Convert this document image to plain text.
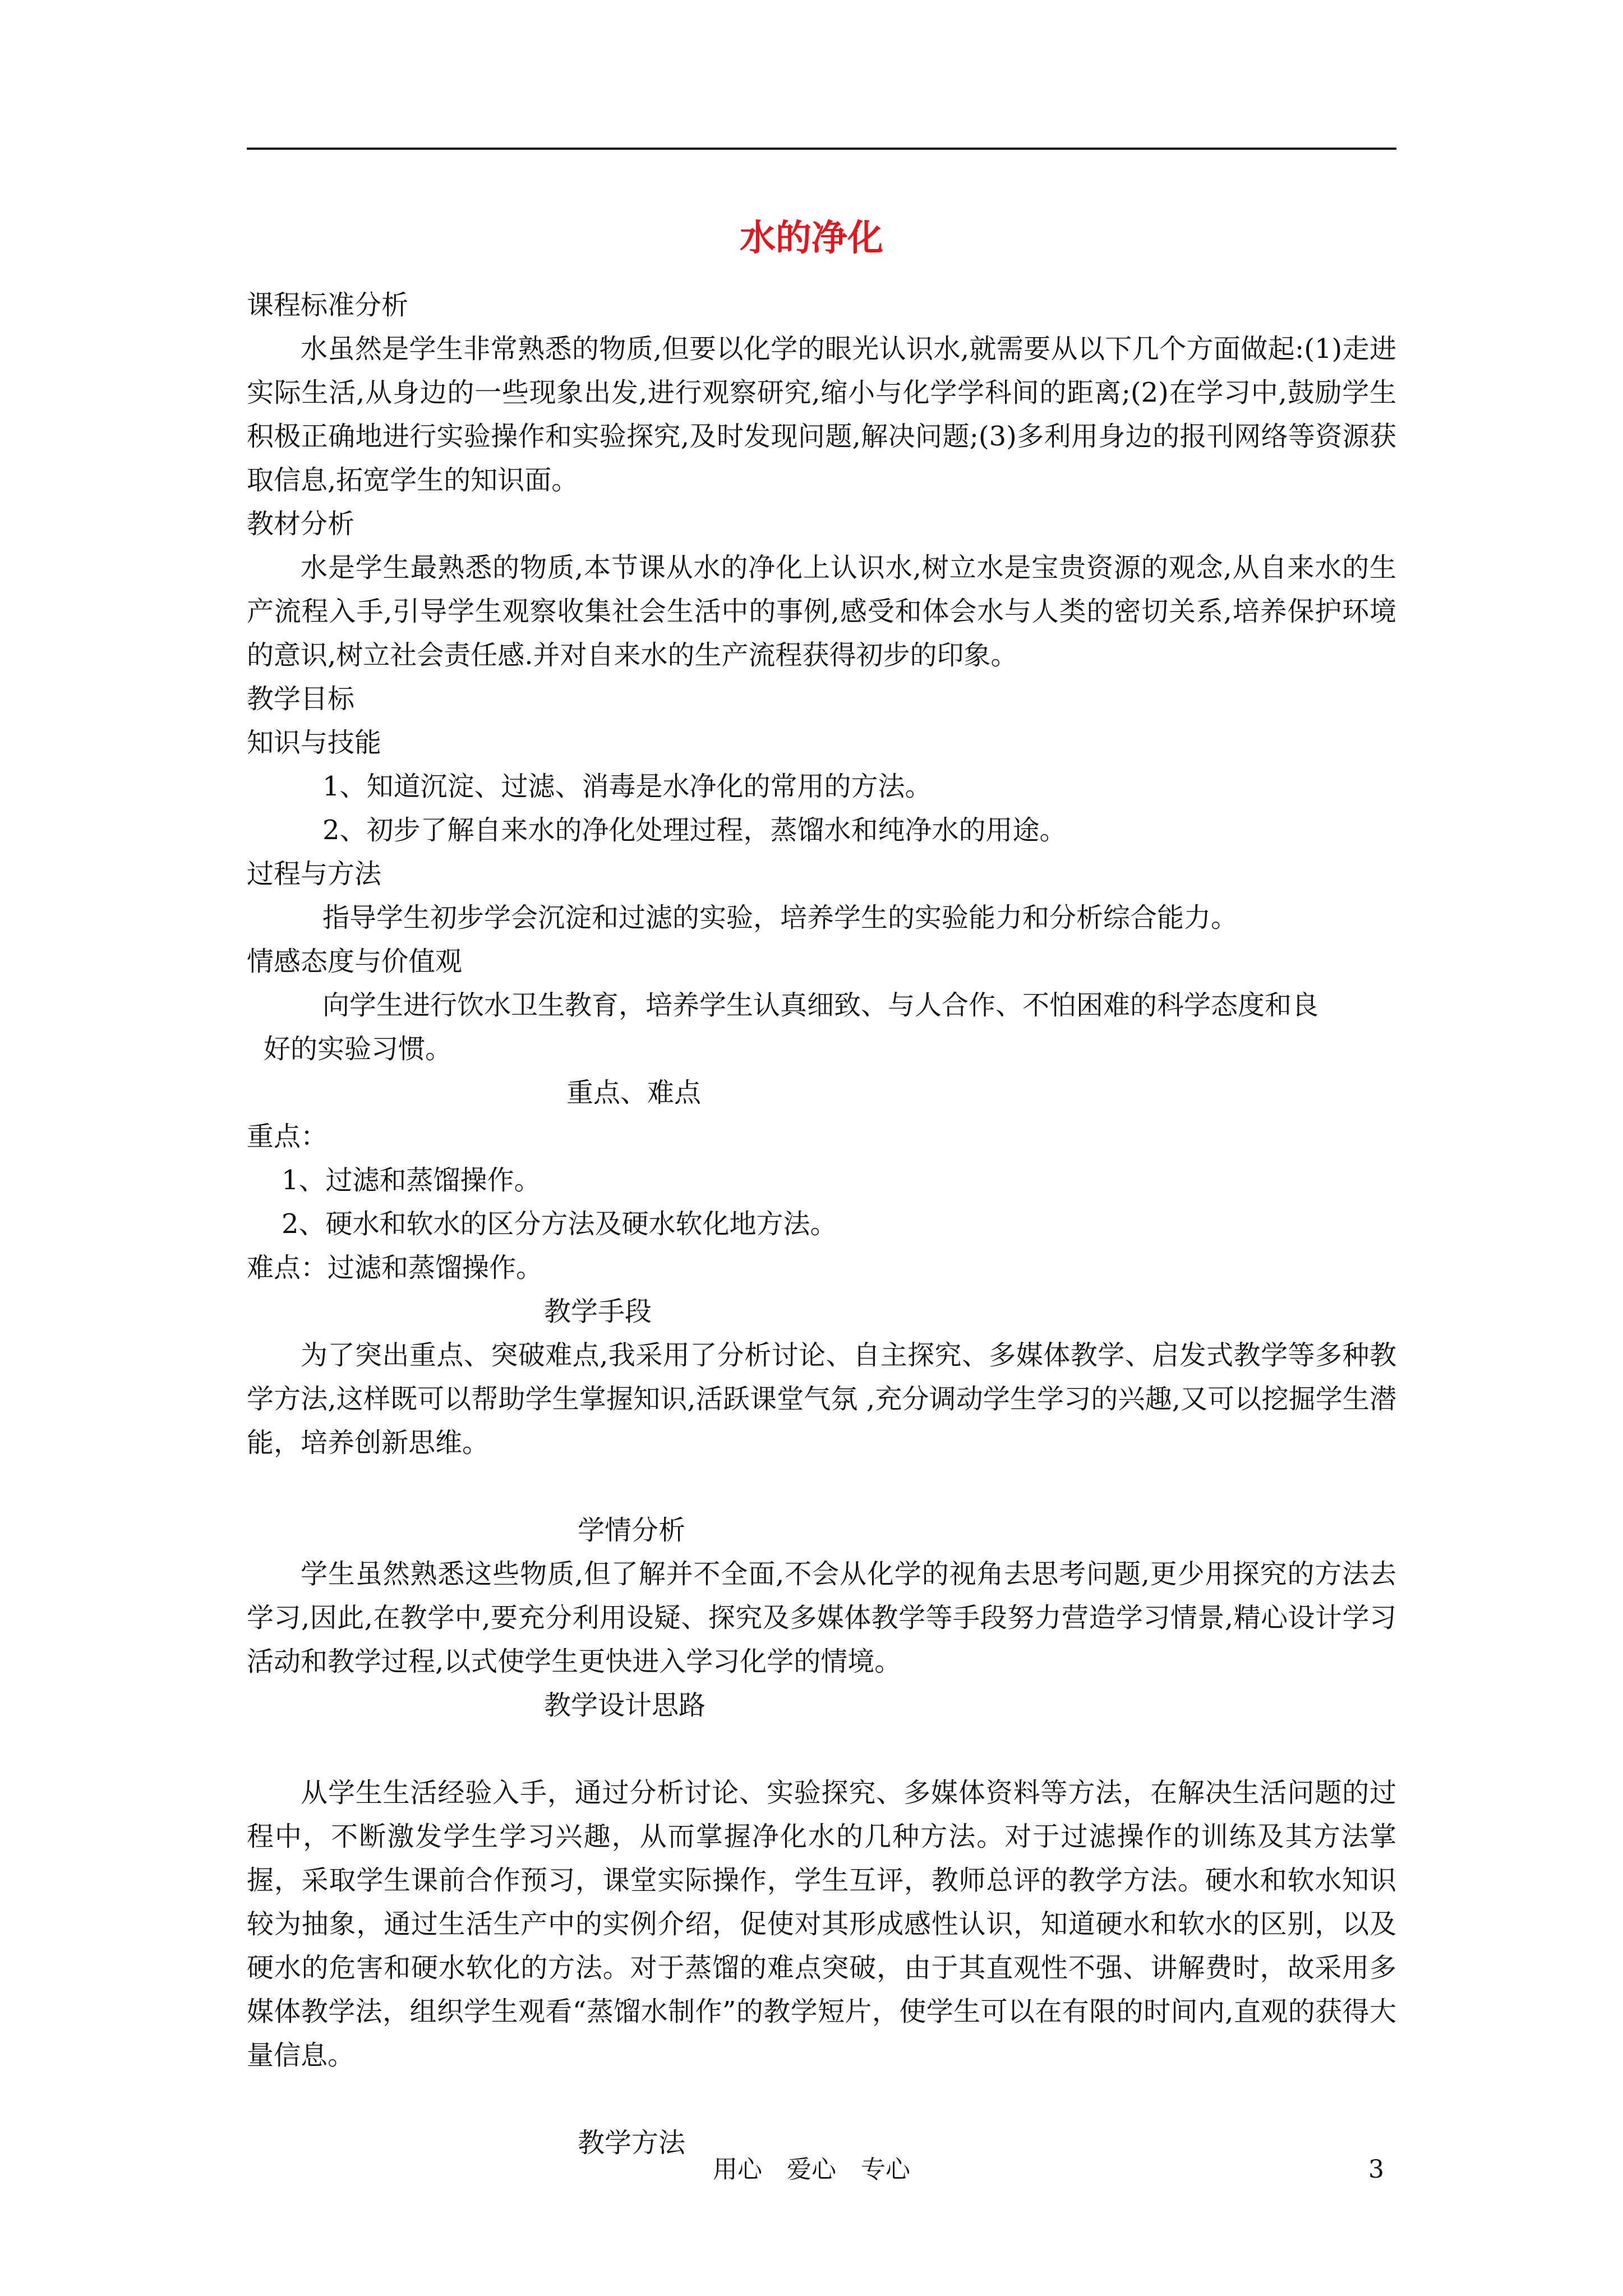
水的净化

课程标准分析

水虽然是学生非常熟悉的物质,但要以化学的眼光认识水,就需要从以下几个方面做起:(1)走进实际生活,从身边的一些现象出发,进行观察研究,缩小与化学学科间的距离;(2)在学习中,鼓励学生积极正确地进行实验操作和实验探究,及时发现问题,解决问题;(3)多利用身边的报刊网络等资源获取信息,拓宽学生的知识面。

教材分析

水是学生最熟悉的物质,本节课从水的净化上认识水,树立水是宝贵资源的观念,从自来水的生产流程入手,引导学生观察收集社会生活中的事例,感受和体会水与人类的密切关系,培养保护环境的意识,树立社会责任感.并对自来水的生产流程获得初步的印象。

教学目标

知识与技能

1、知道沉淀、过滤、消毒是水净化的常用的方法。

2、初步了解自来水的净化处理过程，蒸馏水和纯净水的用途。

过程与方法

指导学生初步学会沉淀和过滤的实验，培养学生的实验能力和分析综合能力。

情感态度与价值观

向学生进行饮水卫生教育，培养学生认真细致、与人合作、不怕困难的科学态度和良

好的实验习惯。

重点、难点

重点：

1、过滤和蒸馏操作。

2、硬水和软水的区分方法及硬水软化地方法。

难点：过滤和蒸馏操作。

教学手段

为了突出重点、突破难点,我采用了分析讨论、自主探究、多媒体教学、启发式教学等多种教学方法,这样既可以帮助学生掌握知识,活跃课堂气氛 ,充分调动学生学习的兴趣,又可以挖掘学生潜能，培养创新思维。

学情分析

学生虽然熟悉这些物质,但了解并不全面,不会从化学的视角去思考问题,更少用探究的方法去学习,因此,在教学中,要充分利用设疑、探究及多媒体教学等手段努力营造学习情景,精心设计学习活动和教学过程,以式使学生更快进入学习化学的情境。

教学设计思路

从学生生活经验入手，通过分析讨论、实验探究、多媒体资料等方法，在解决生活问题的过程中，不断激发学生学习兴趣，从而掌握净化水的几种方法。对于过滤操作的训练及其方法掌握，采取学生课前合作预习，课堂实际操作，学生互评，教师总评的教学方法。硬水和软水知识较为抽象，通过生活生产中的实例介绍，促使对其形成感性认识，知道硬水和软水的区别，以及硬水的危害和硬水软化的方法。对于蒸馏的难点突破，由于其直观性不强、讲解费时，故采用多媒体教学法，组织学生观看“蒸馏水制作”的教学短片，使学生可以在有限的时间内,直观的获得大量信息。

教学方法

用心　爱心　专心	3
